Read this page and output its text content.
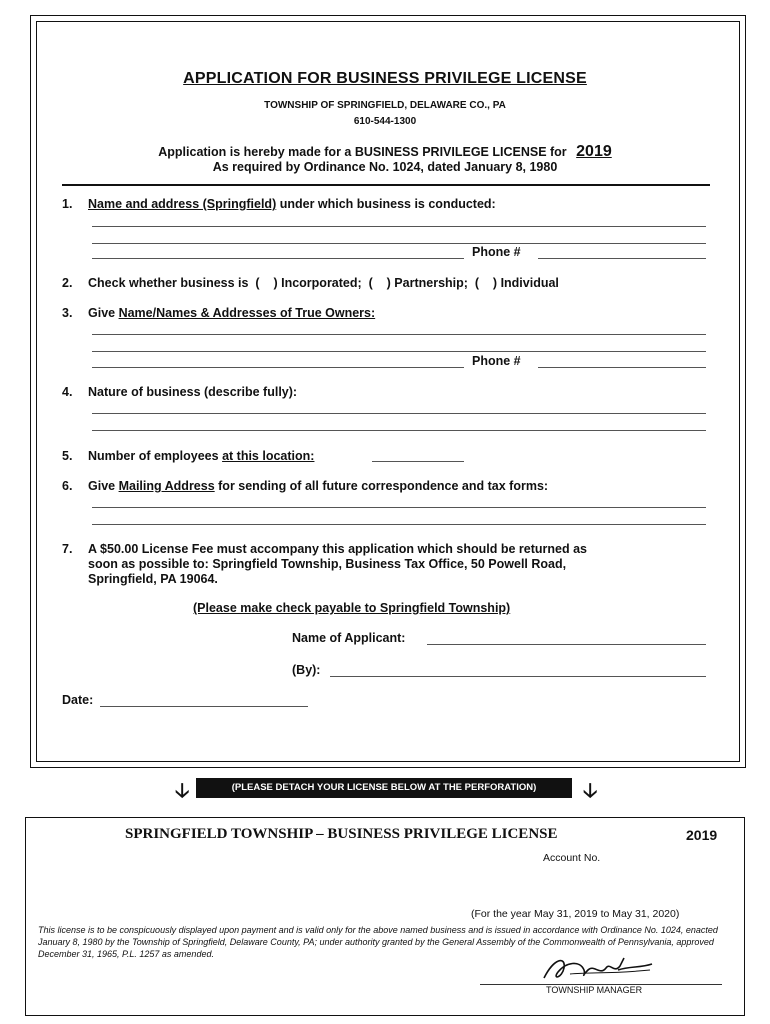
APPLICATION FOR BUSINESS PRIVILEGE LICENSE
TOWNSHIP OF SPRINGFIELD, DELAWARE CO., PA
610-544-1300
Application is hereby made for a BUSINESS PRIVILEGE LICENSE for 2019
As required by Ordinance No. 1024, dated January 8, 1980
1. Name and address (Springfield) under which business is conducted:
Phone #
2. Check whether business is  (    ) Incorporated;  (    ) Partnership;  (    ) Individual
3. Give Name/Names & Addresses of True Owners:
Phone #
4. Nature of business (describe fully):
5. Number of employees at this location:
6. Give Mailing Address for sending of all future correspondence and tax forms:
7. A $50.00 License Fee must accompany this application which should be returned as
soon as possible to: Springfield Township, Business Tax Office, 50 Powell Road,
Springfield, PA 19064.
(Please make check payable to Springfield Township)
Name of Applicant:
(By):
Date:
🡣	(PLEASE DETACH YOUR LICENSE BELOW AT THE PERFORATION)	🡣
SPRINGFIELD TOWNSHIP – BUSINESS PRIVILEGE LICENSE	2019
Account No.
(For the year May 31, 2019 to May 31, 2020)
This license is to be conspicuously displayed upon payment and is valid only for the above named business and is issued in accordance with Ordinance No. 1024, enacted January 8, 1980 by the Township of Springfield, Delaware County, PA; under authority granted by the General Assembly of the Commonwealth of Pennsylvania, approved December 31, 1965, P.L. 1257 as amended.
TOWNSHIP MANAGER
